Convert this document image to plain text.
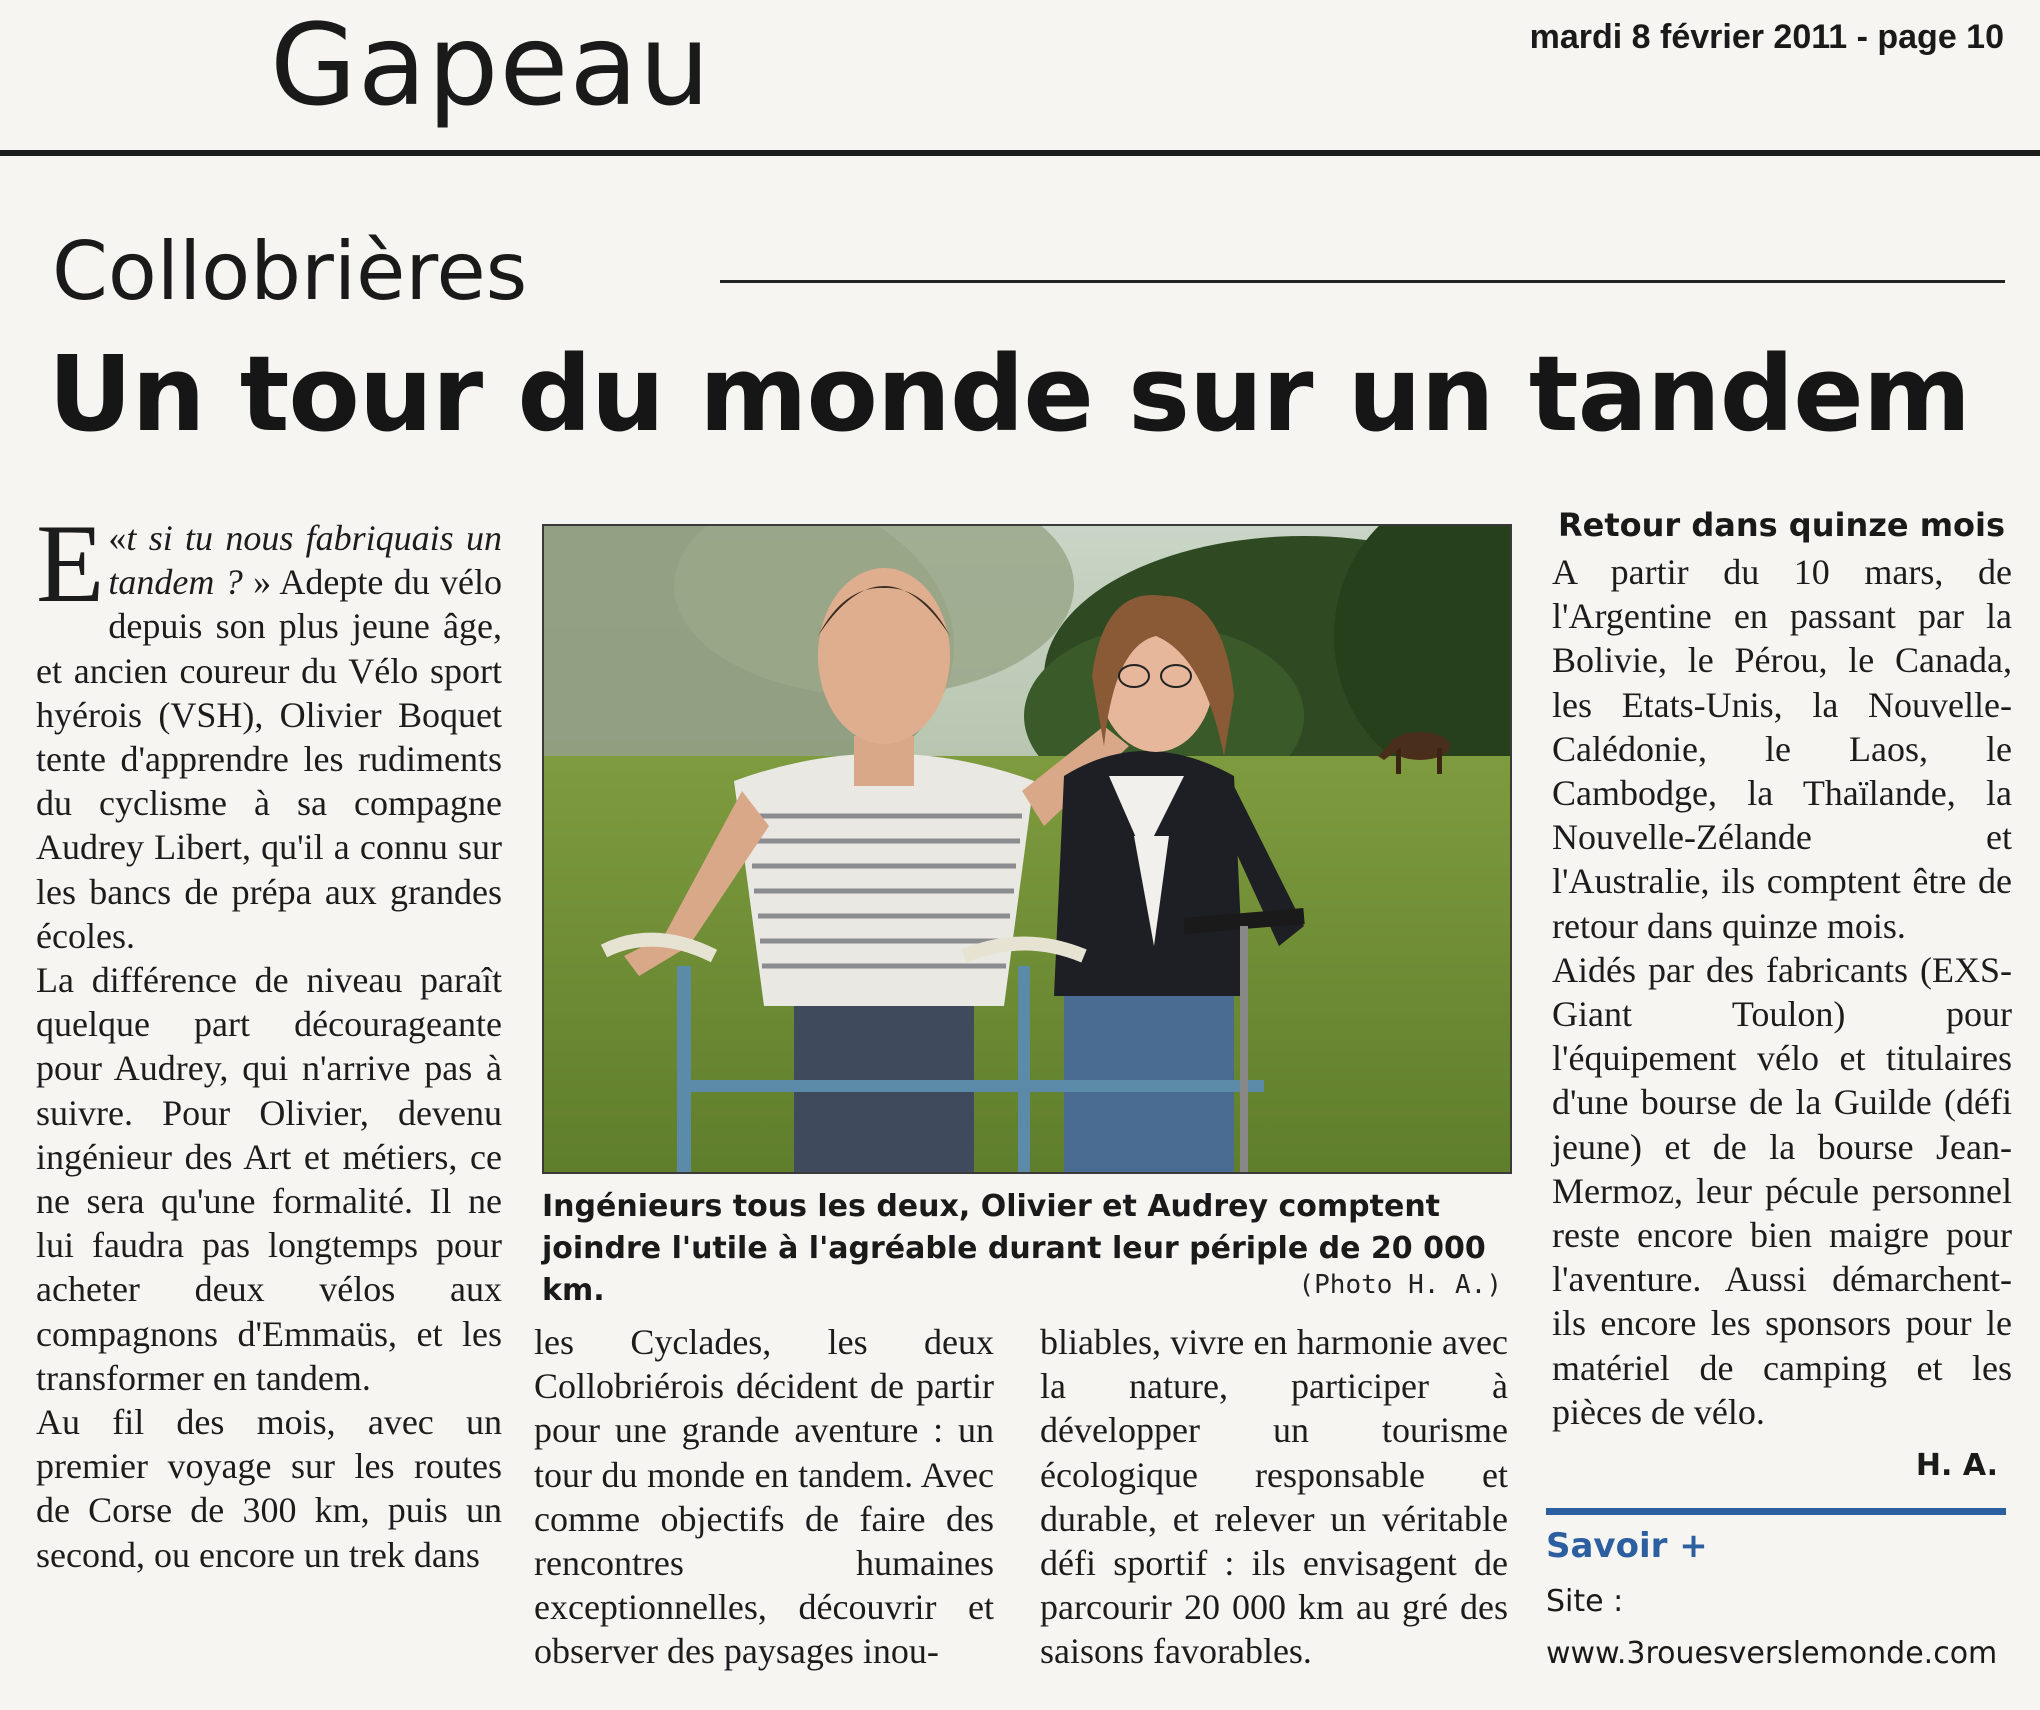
Gapeau	mardi 8 février 2011 - page 10
Collobrières
Un tour du monde sur un tandem

«
E t si tu nous fabriquais un tandem ? » Adepte du vélo depuis son plus jeune âge, et ancien coureur du Vélo sport hyérois (VSH), Olivier Boquet tente d'apprendre les rudiments du cyclisme à sa compagne Audrey Libert, qu'il a connu sur les bancs de prépa aux grandes écoles.

La différence de niveau paraît quelque part décourageante pour Audrey, qui n'arrive pas à suivre. Pour Olivier, devenu ingénieur des Art et métiers, ce ne sera qu'une formalité. Il ne lui faudra pas longtemps pour acheter deux vélos aux compagnons d'Emmaüs, et les transformer en tandem.

Au fil des mois, avec un premier voyage sur les routes de Corse de 300 km, puis un second, ou encore un trek dans

Ingénieurs tous les deux, Olivier et Audrey comptent joindre l'utile à l'agréable durant leur périple de 20 000 km.	(Photo H. A.)

les Cyclades, les deux Collobriérois décident de partir pour une grande aventure : un tour du monde en tandem. Avec comme objectifs de faire des rencontres humaines exceptionnelles, découvrir et observer des paysages inou-

bliables, vivre en harmonie avec la nature, participer à développer un tourisme écologique responsable et durable, et relever un véritable défi sportif : ils envisagent de parcourir 20 000 km au gré des saisons favorables.

Retour dans quinze mois

A partir du 10 mars, de l'Argentine en passant par la Bolivie, le Pérou, le Canada, les Etats-Unis, la Nouvelle-Calédonie, le Laos, le Cambodge, la Thaïlande, la Nouvelle-Zélande et l'Australie, ils comptent être de retour dans quinze mois.

Aidés par des fabricants (EXS-Giant Toulon) pour l'équipement vélo et titulaires d'une bourse de la Guilde (défi jeune) et de la bourse Jean-Mermoz, leur pécule personnel reste encore bien maigre pour l'aventure. Aussi démarchent-ils encore les sponsors pour le matériel de camping et les pièces de vélo.

H. A.
Savoir +
Site :
www.3rouesverslemonde.com
